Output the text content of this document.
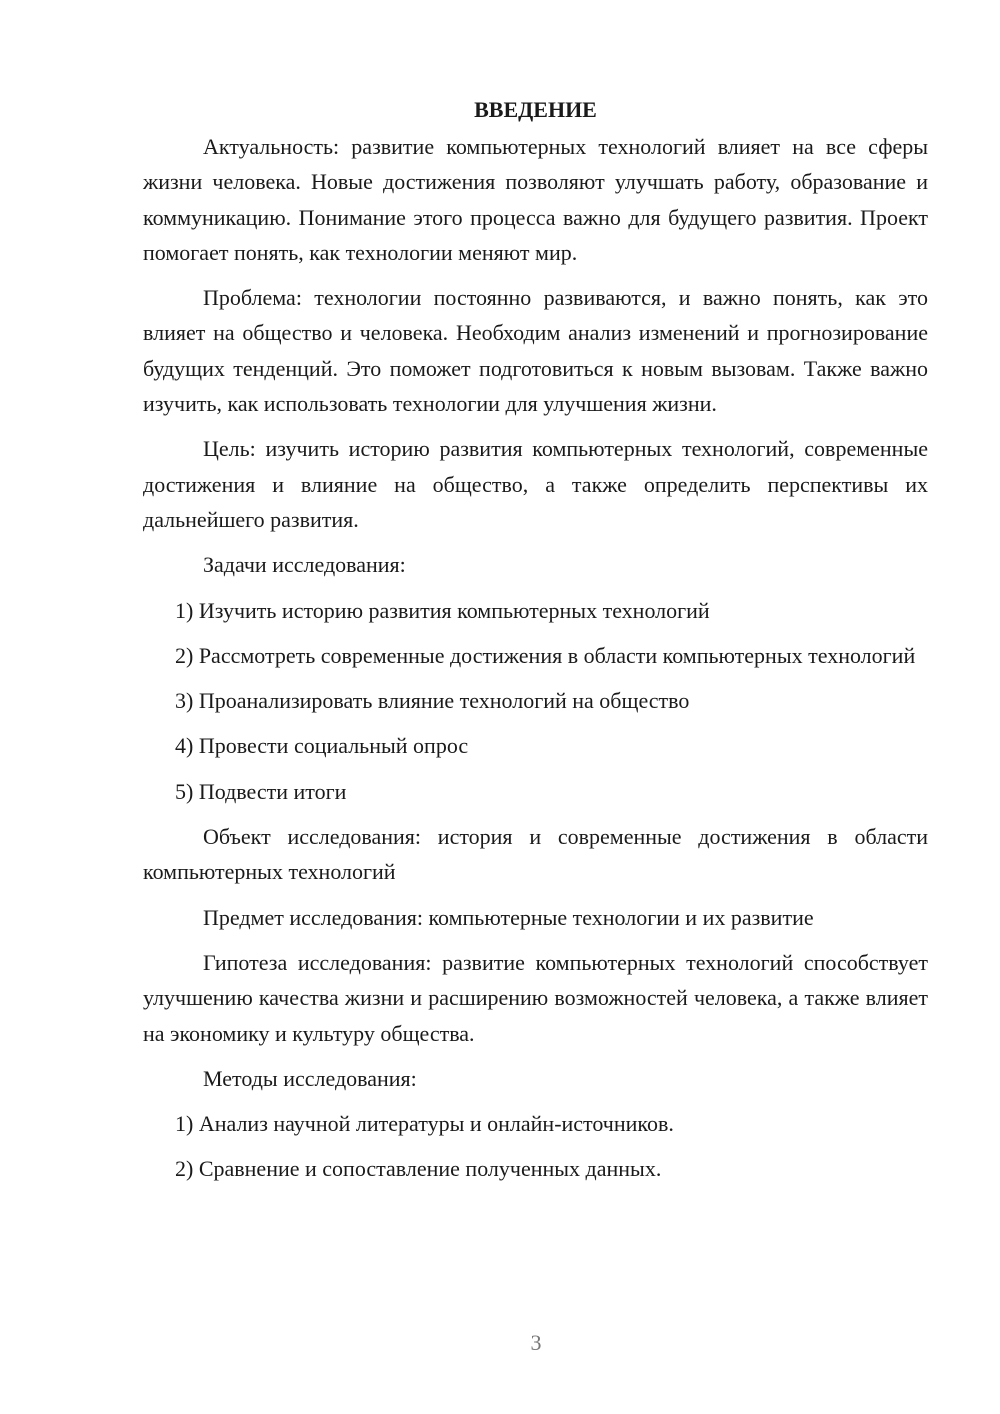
ВВЕДЕНИЕ

Актуальность: развитие компьютерных технологий влияет на все сферы жизни человека. Новые достижения позволяют улучшать работу, образование и коммуникацию. Понимание этого процесса важно для будущего развития. Проект помогает понять, как технологии меняют мир.

Проблема: технологии постоянно развиваются, и важно понять, как это влияет на общество и человека. Необходим анализ изменений и прогнозирование будущих тенденций. Это поможет подготовиться к новым вызовам. Также важно изучить, как использовать технологии для улучшения жизни.

Цель: изучить историю развития компьютерных технологий, современные достижения и влияние на общество, а также определить перспективы их дальнейшего развития.

Задачи исследования:

1) Изучить историю развития компьютерных технологий

2) Рассмотреть современные достижения в области компьютерных технологий

3) Проанализировать влияние технологий на общество

4) Провести социальный опрос

5) Подвести итоги

Объект исследования: история и современные достижения в области компьютерных технологий

Предмет исследования: компьютерные технологии и их развитие

Гипотеза исследования: развитие компьютерных технологий способствует улучшению качества жизни и расширению возможностей человека, а также влияет на экономику и культуру общества.

Методы исследования:

1) Анализ научной литературы и онлайн-источников.

2) Сравнение и сопоставление полученных данных.

3
